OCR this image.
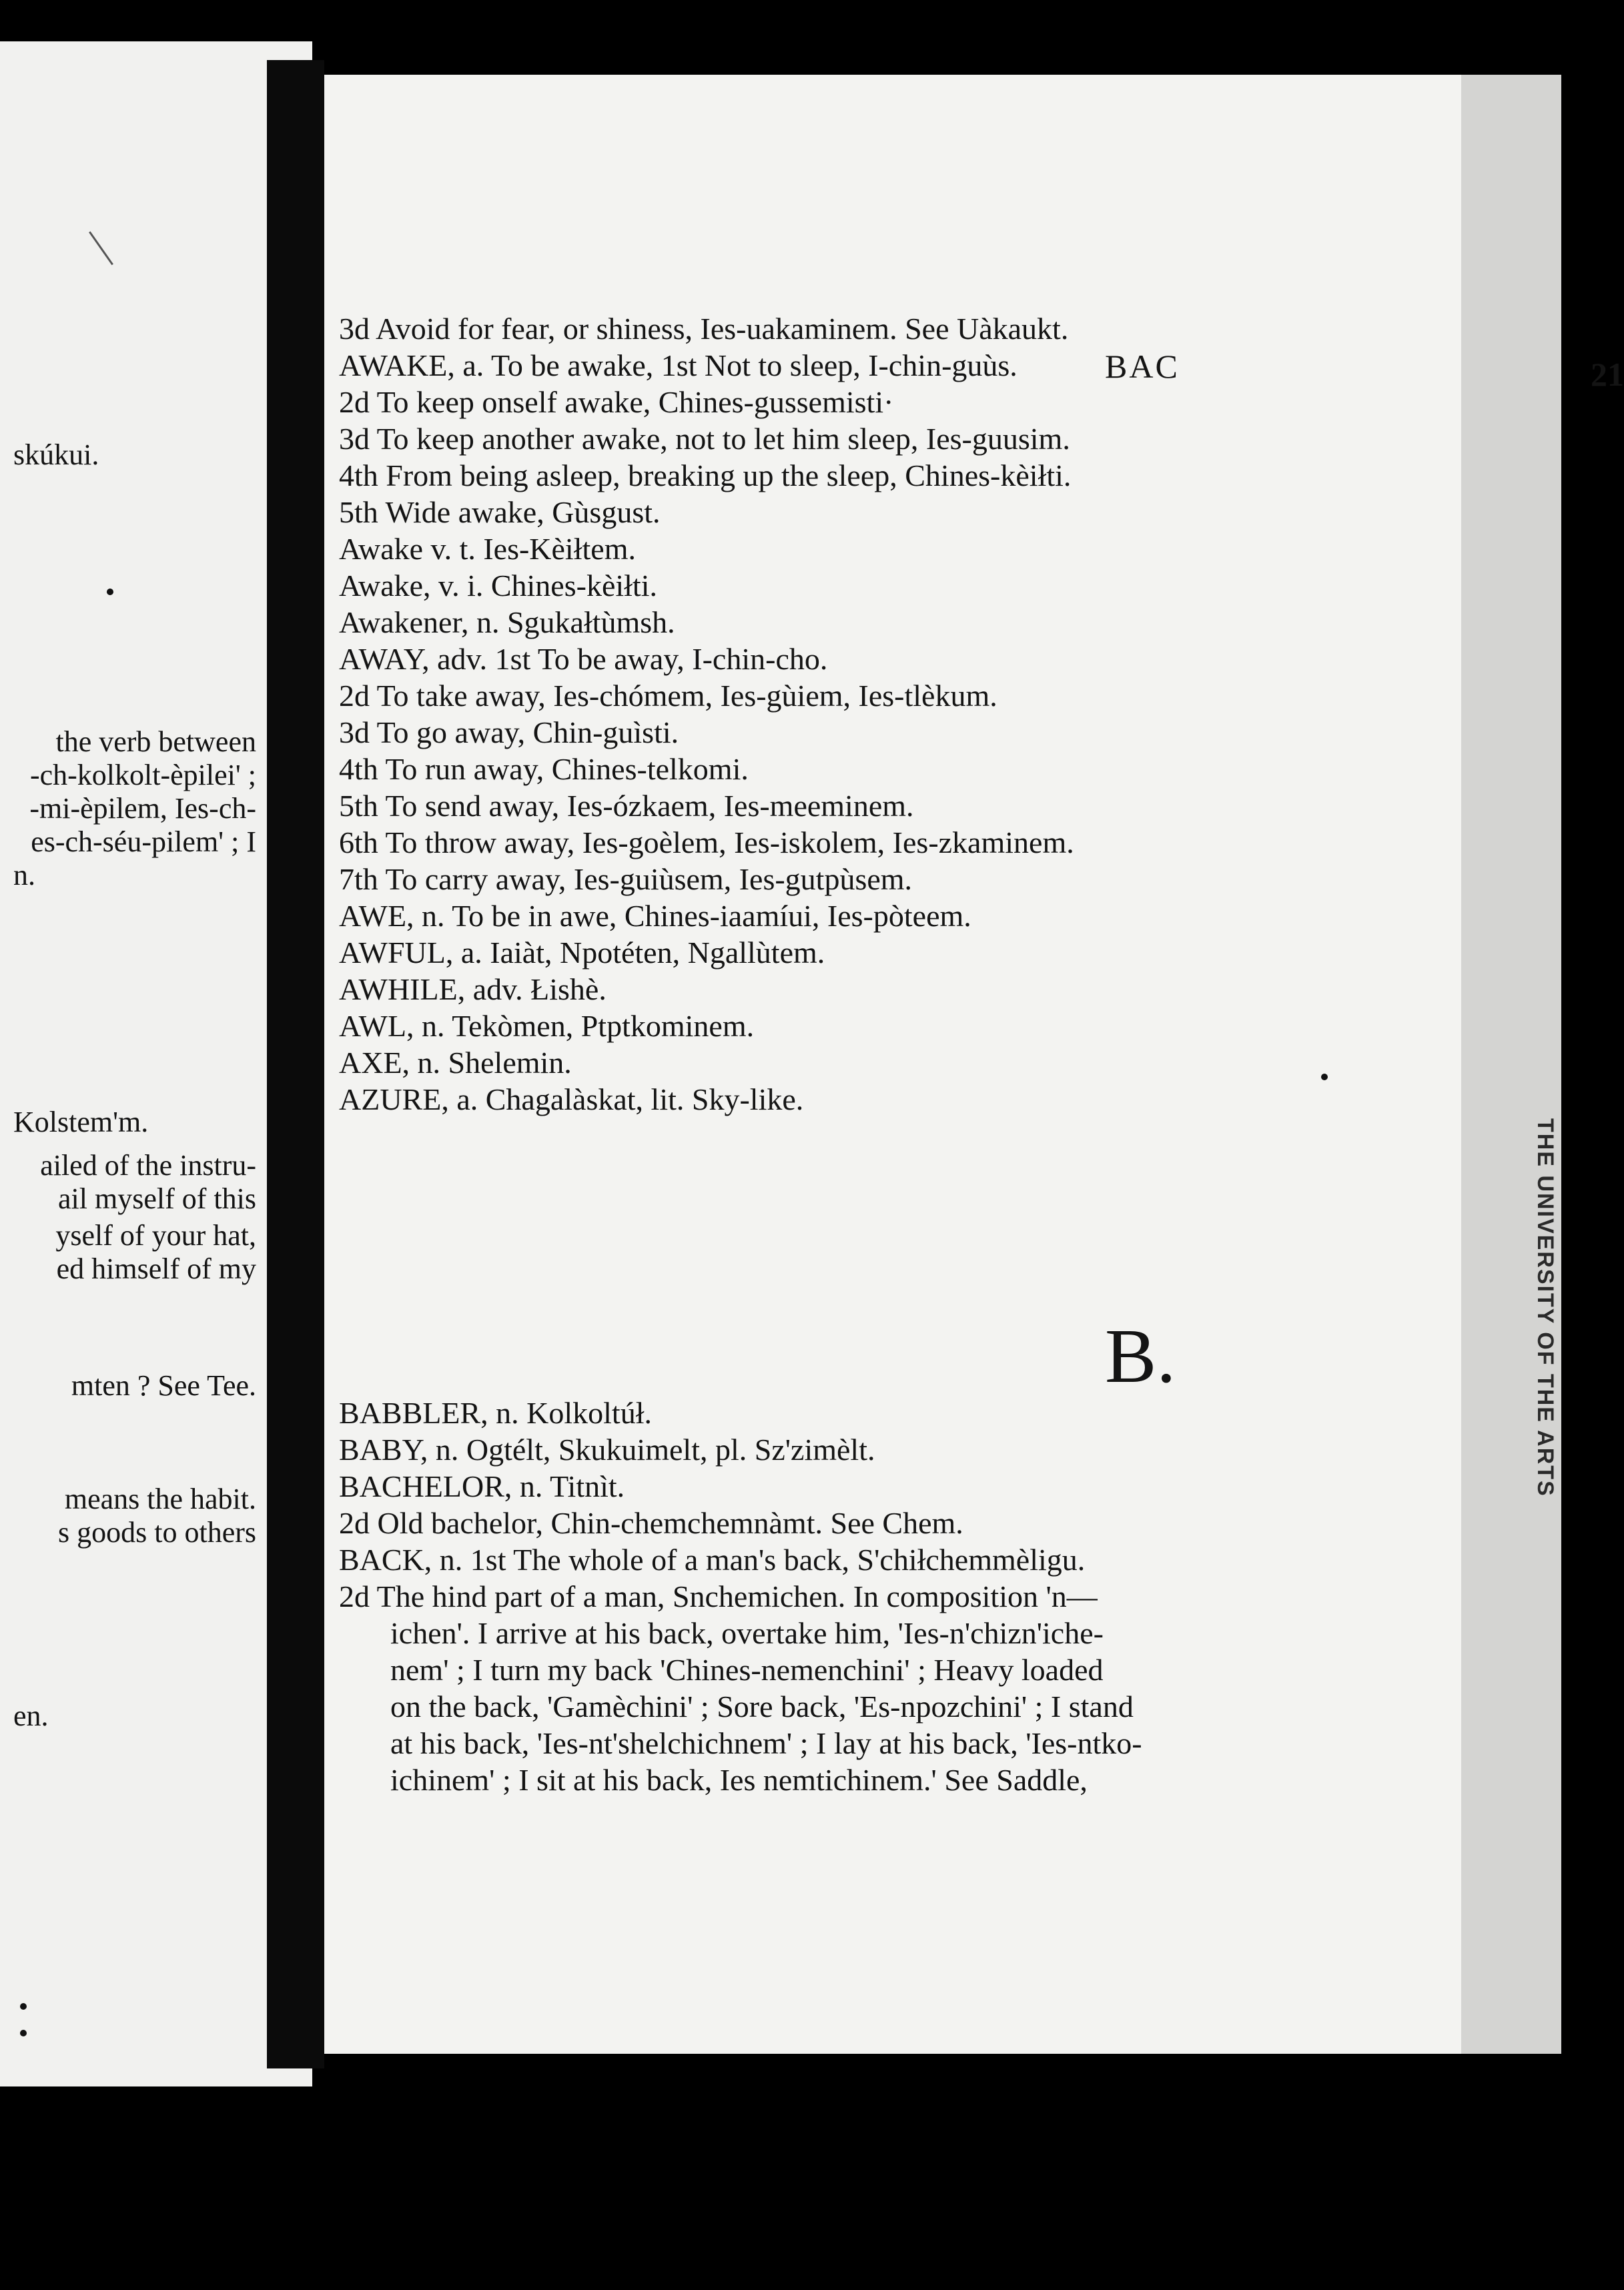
skúkui.
the verb between
-ch-kolkolt-èpilei' ;
-mi-èpilem, Ies-ch-
es-ch-séu-pilem' ; I
n.
Kolstem'm.
ailed of the instru-
ail myself of this
yself of your hat,
ed himself of my
mten ? See Tee.
means the habit.
s goods to others
en.
BAC	21
3d Avoid for fear, or shiness, Ies-uakaminem. See Uàkaukt.
AWAKE, a. To be awake, 1st Not to sleep, I-chin-guùs.
2d To keep onself awake, Chines-gussemisti·
3d To keep another awake, not to let him sleep, Ies-guusim.
4th From being asleep, breaking up the sleep, Chines-kèiłti.
5th Wide awake, Gùsgust.
Awake v. t. Ies-Kèiłtem.
Awake, v. i. Chines-kèiłti.
Awakener, n. Sgukałtùmsh.
AWAY, adv. 1st To be away, I-chin-cho.
2d To take away, Ies-chómem, Ies-gùiem, Ies-tlèkum.
3d To go away, Chin-guìsti.
4th To run away, Chines-telkomi.
5th To send away, Ies-ózkaem, Ies-meeminem.
6th To throw away, Ies-goèlem, Ies-iskolem, Ies-zkaminem.
7th To carry away, Ies-guiùsem, Ies-gutpùsem.
AWE, n. To be in awe, Chines-iaamíui, Ies-pòteem.
AWFUL, a. Iaiàt, Npotéten, Ngallùtem.
AWHILE, adv. Łishè.
AWL, n. Tekòmen, Ptptkominem.
AXE, n. Shelemin.
AZURE, a. Chagalàskat, lit. Sky-like.
BABBLER, n. Kolkoltúł.
BABY, n. Ogtélt, Skukuimelt, pl. Sz'zimèlt.
BACHELOR, n. Titnìt.
2d Old bachelor, Chin-chemchemnàmt. See Chem.
BACK, n. 1st The whole of a man's back, S'chiłchemmèligu.
2d The hind part of a man, Snchemichen. In composition 'n—
ichen'. I arrive at his back, overtake him, 'Ies-n'chizn'iche-
nem' ; I turn my back 'Chines-nemenchini' ; Heavy loaded
on the back, 'Gamèchini' ; Sore back, 'Es-npozchini' ; I stand
at his back, 'Ies-nt'shelchichnem' ; I lay at his back, 'Ies-ntko-
ichinem' ; I sit at his back, Ies nemtichinem.' See Saddle,
B.	THE UNIVERSITY OF THE ARTS
